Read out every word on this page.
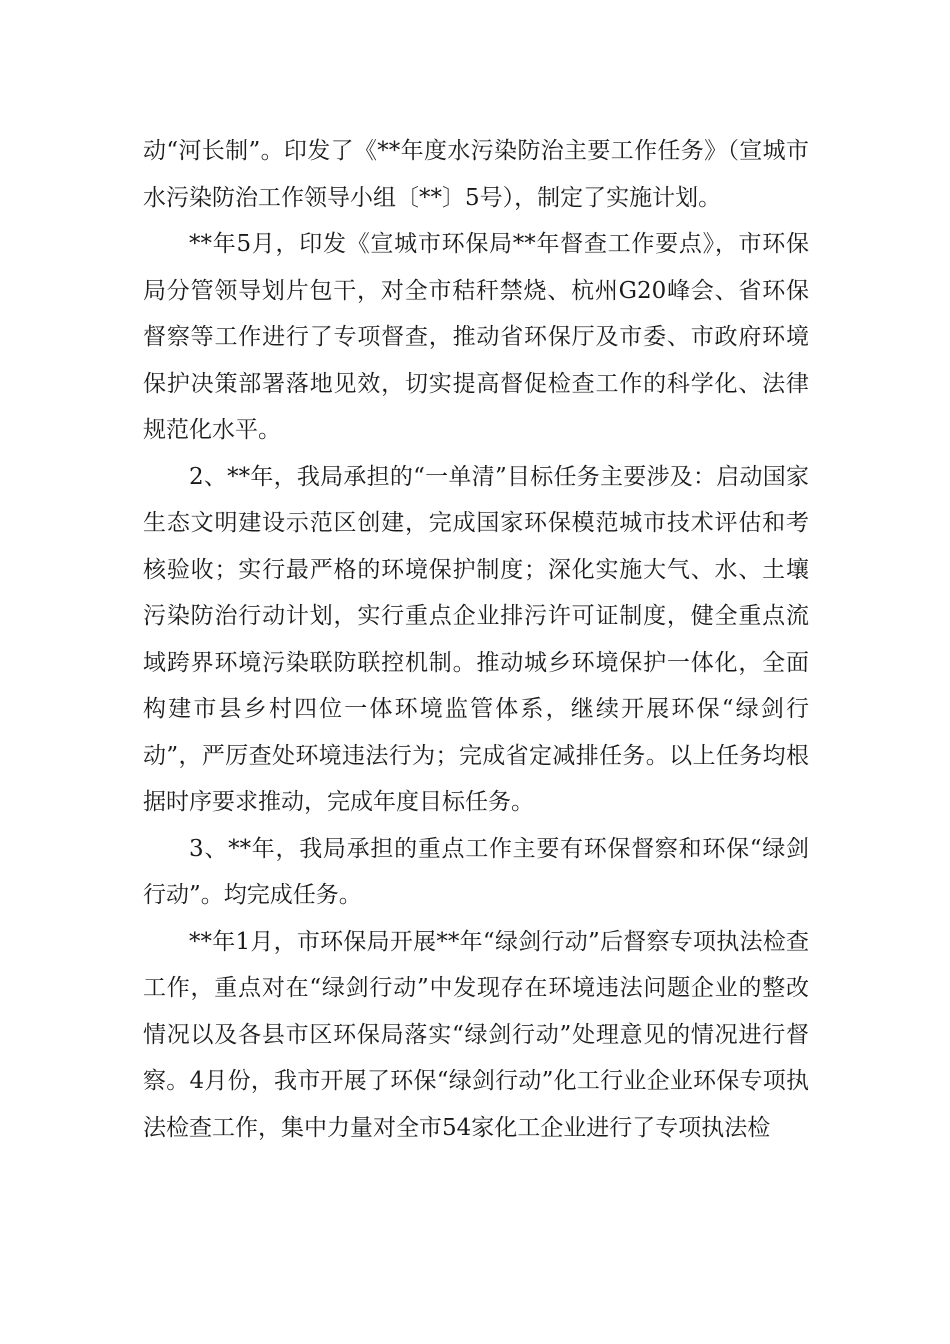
动“河长制”。印发了《**年度水污染防治主要工作任务》（宣城市水污染防治工作领导小组〔**〕5号），制定了实施计划。

**年5月，印发《宣城市环保局**年督查工作要点》，市环保局分管领导划片包干，对全市秸秆禁烧、杭州G20峰会、省环保督察等工作进行了专项督查，推动省环保厅及市委、市政府环境保护决策部署落地见效，切实提高督促检查工作的科学化、法律规范化水平。

2、**年，我局承担的“一单清”目标任务主要涉及：启动国家生态文明建设示范区创建，完成国家环保模范城市技术评估和考核验收；实行最严格的环境保护制度；深化实施大气、水、土壤污染防治行动计划，实行重点企业排污许可证制度，健全重点流域跨界环境污染联防联控机制。推动城乡环境保护一体化，全面构建市县乡村四位一体环境监管体系，继续开展环保“绿剑行动”，严厉查处环境违法行为；完成省定减排任务。以上任务均根据时序要求推动，完成年度目标任务。

3、**年，我局承担的重点工作主要有环保督察和环保“绿剑行动”。均完成任务。

**年1月，市环保局开展**年“绿剑行动”后督察专项执法检查工作，重点对在“绿剑行动”中发现存在环境违法问题企业的整改情况以及各县市区环保局落实“绿剑行动”处理意见的情况进行督察。4月份，我市开展了环保“绿剑行动”化工行业企业环保专项执法检查工作，集中力量对全市54家化工企业进行了专项执法检
